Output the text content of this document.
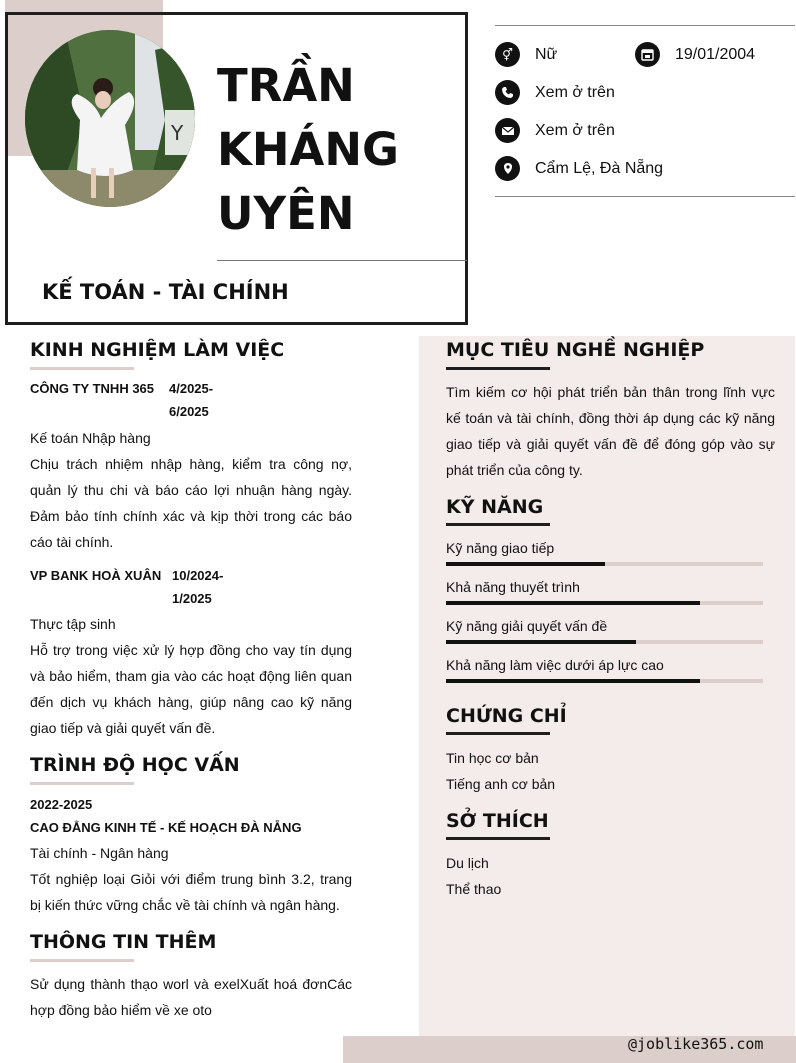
Y
TRẦN
KHÁNG
UYÊN
KẾ TOÁN - TÀI CHÍNH
⚥	Nữ	19/01/2004
Xem ở trên
Xem ở trên
Cẩm Lệ, Đà Nẵng
KINH NGHIỆM LÀM VIỆC
CÔNG TY TNHH 365 4/2025-
6/2025
Kế toán Nhập hàng
Chịu trách nhiệm nhập hàng, kiểm tra công nợ, quản lý thu chi và báo cáo lợi nhuận hàng ngày. Đảm bảo tính chính xác và kịp thời trong các báo cáo tài chính.
VP BANK HOÀ XUÂN 10/2024-
1/2025
Thực tập sinh
Hỗ trợ trong việc xử lý hợp đồng cho vay tín dụng và bảo hiểm, tham gia vào các hoạt động liên quan đến dịch vụ khách hàng, giúp nâng cao kỹ năng giao tiếp và giải quyết vấn đề.
TRÌNH ĐỘ HỌC VẤN
2022-2025
CAO ĐẲNG KINH TẾ - KẾ HOẠCH ĐÀ NẴNG
Tài chính - Ngân hàng
Tốt nghiệp loại Giỏi với điểm trung bình 3.2, trang bị kiến thức vững chắc về tài chính và ngân hàng.
THÔNG TIN THÊM
Sử dụng thành thạo worl và exelXuất hoá đơnCác hợp đồng bảo hiểm về xe oto
MỤC TIÊU NGHỀ NGHIỆP
Tìm kiếm cơ hội phát triển bản thân trong lĩnh vực kế toán và tài chính, đồng thời áp dụng các kỹ năng giao tiếp và giải quyết vấn đề để đóng góp vào sự phát triển của công ty.
KỸ NĂNG
Kỹ năng giao tiếp
Khả năng thuyết trình
Kỹ năng giải quyết vấn đề
Khả năng làm việc dưới áp lực cao
CHỨNG CHỈ
Tin học cơ bản
Tiếng anh cơ bản
SỞ THÍCH
Du lịch
Thể thao
@joblike365.com
